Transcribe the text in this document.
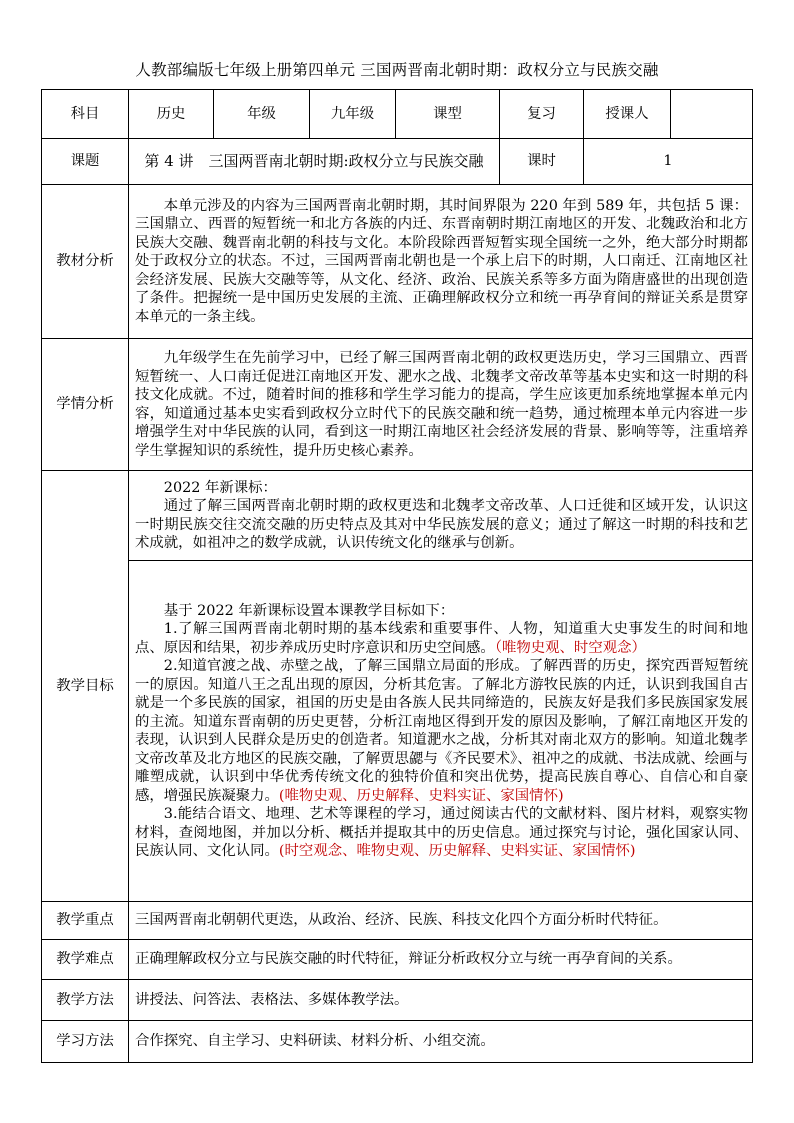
人教部编版七年级上册第四单元 三国两晋南北朝时期：政权分立与民族交融
科目	历史	年级	九年级	课型	复习	授课人	
课题	第 4 讲　三国两晋南北朝时期:政权分立与民族交融				课时	1	
教材分析	本单元涉及的内容为三国两晋南北朝时期，其时间界限为 220 年到 589 年，共包括 5 课：三国鼎立、西晋的短暂统一和北方各族的内迁、东晋南朝时期江南地区的开发、北魏政治和北方民族大交融、魏晋南北朝的科技与文化。本阶段除西晋短暂实现全国统一之外，绝大部分时期都处于政权分立的状态。不过，三国两晋南北朝也是一个承上启下的时期，人口南迁、江南地区社会经济发展、民族大交融等等，从文化、经济、政治、民族关系等多方面为隋唐盛世的出现创造了条件。把握统一是中国历史发展的主流、正确理解政权分立和统一再孕育间的辩证关系是贯穿本单元的一条主线。						

学情分析	九年级学生在先前学习中，已经了解三国两晋南北朝的政权更迭历史，学习三国鼎立、西晋短暂统一、人口南迁促进江南地区开发、淝水之战、北魏孝文帝改革等基本史实和这一时期的科技文化成就。不过，随着时间的推移和学生学习能力的提高，学生应该更加系统地掌握本单元内容，知道通过基本史实看到政权分立时代下的民族交融和统一趋势，通过梳理本单元内容进一步增强学生对中华民族的认同，看到这一时期江南地区社会经济发展的背景、影响等等，注重培养学生掌握知识的系统性，提升历史核心素养。						

教学目标	2022 年新课标：

通过了解三国两晋南北朝时期的政权更迭和北魏孝文帝改革、人口迁徙和区域开发，认识这一时期民族交往交流交融的历史特点及其对中华民族发展的意义；通过了解这一时期的科技和艺术成就，如祖冲之的数学成就，认识传统文化的继承与创新。						

	基于 2022 年新课标设置本课教学目标如下：

1.了解三国两晋南北朝时期的基本线索和重要事件、人物，知道重大史事发生的时间和地点、原因和结果，初步养成历史时序意识和历史空间感。（唯物史观、时空观念）

2.知道官渡之战、赤壁之战，了解三国鼎立局面的形成。了解西晋的历史，探究西晋短暂统一的原因。知道八王之乱出现的原因，分析其危害。了解北方游牧民族的内迁，认识到我国自古就是一个多民族的国家，祖国的历史是由各族人民共同缔造的，民族友好是我们多民族国家发展的主流。知道东晋南朝的历史更替，分析江南地区得到开发的原因及影响，了解江南地区开发的表现，认识到人民群众是历史的创造者。知道淝水之战，分析其对南北双方的影响。知道北魏孝文帝改革及北方地区的民族交融，了解贾思勰与《齐民要术》、祖冲之的成就、书法成就、绘画与雕塑成就，认识到中华优秀传统文化的独特价值和突出优势，提高民族自尊心、自信心和自豪感，增强民族凝聚力。(唯物史观、历史解释、史料实证、家国情怀)

3.能结合语文、地理、艺术等课程的学习，通过阅读古代的文献材料、图片材料，观察实物材料，查阅地图，并加以分析、概括并提取其中的历史信息。通过探究与讨论，强化国家认同、民族认同、文化认同。(时空观念、唯物史观、历史解释、史料实证、家国情怀)						

教学重点	三国两晋南北朝朝代更迭，从政治、经济、民族、科技文化四个方面分析时代特征。						
教学难点	正确理解政权分立与民族交融的时代特征，辩证分析政权分立与统一再孕育间的关系。						
教学方法	讲授法、问答法、表格法、多媒体教学法。						
学习方法	合作探究、自主学习、史料研读、材料分析、小组交流。						
